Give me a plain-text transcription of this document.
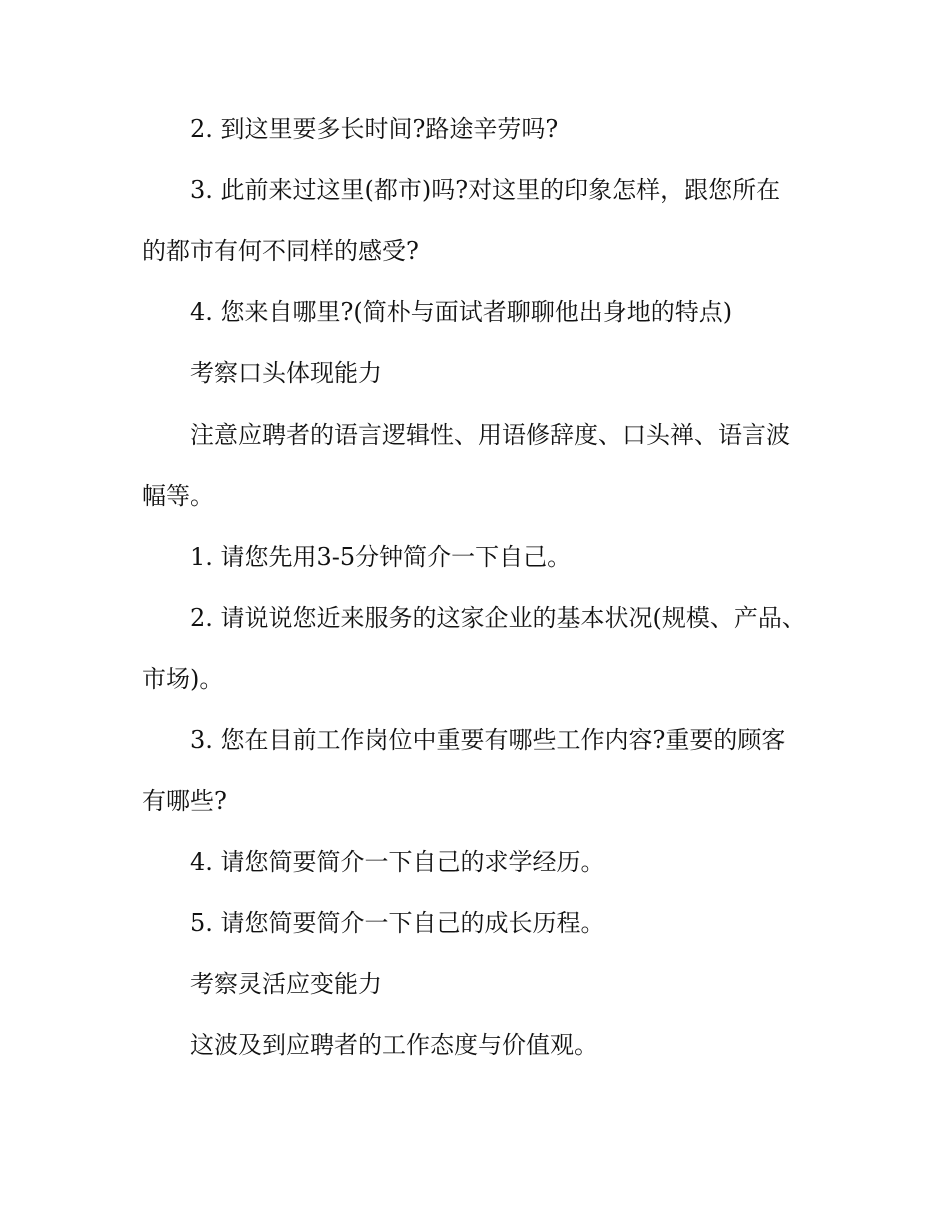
2. 到这里要多长时间?路途辛劳吗?

3. 此前来过这里(都市)吗?对这里的印象怎样，跟您所在

的都市有何不同样的感受?

4. 您来自哪里?(简朴与面试者聊聊他出身地的特点)

考察口头体现能力

注意应聘者的语言逻辑性、用语修辞度、口头禅、语言波

幅等。

1. 请您先用3-5分钟简介一下自己。

2. 请说说您近来服务的这家企业的基本状况(规模、产品、

市场)。

3. 您在目前工作岗位中重要有哪些工作内容?重要的顾客

有哪些?

4. 请您简要简介一下自己的求学经历。

5. 请您简要简介一下自己的成长历程。

考察灵活应变能力

这波及到应聘者的工作态度与价值观。
